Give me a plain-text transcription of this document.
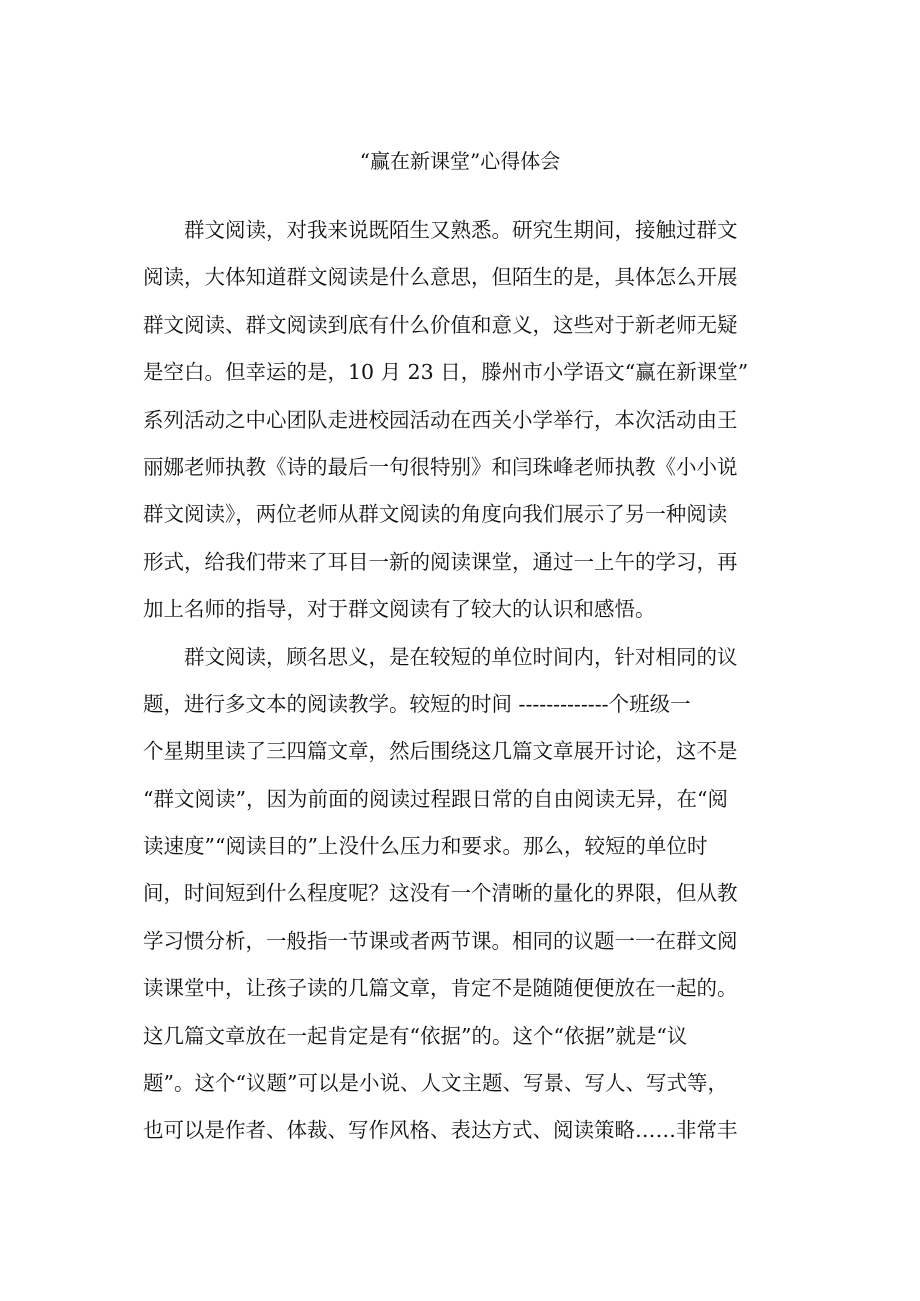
“赢在新课堂”心得体会
群文阅读，对我来说既陌生又熟悉。研究生期间，接触过群文
阅读，大体知道群文阅读是什么意思，但陌生的是，具体怎么开展
群文阅读、群文阅读到底有什么价值和意义，这些对于新老师无疑
是空白。但幸运的是，10 月 23 日，滕州市小学语文“赢在新课堂”
系列活动之中心团队走进校园活动在西关小学举行，本次活动由王
丽娜老师执教《诗的最后一句很特别》和闫珠峰老师执教《小小说
群文阅读》，两位老师从群文阅读的角度向我们展示了另一种阅读
形式，给我们带来了耳目一新的阅读课堂，通过一上午的学习，再
加上名师的指导，对于群文阅读有了较大的认识和感悟。
群文阅读，顾名思义，是在较短的单位时间内，针对相同的议
题，进行多文本的阅读教学。较短的时间 -------------个班级一
个星期里读了三四篇文章，然后围绕这几篇文章展开讨论，这不是
“群文阅读”，因为前面的阅读过程跟日常的自由阅读无异，在“阅
读速度”“阅读目的”上没什么压力和要求。那么，较短的单位时
间，时间短到什么程度呢？这没有一个清晰的量化的界限，但从教
学习惯分析，一般指一节课或者两节课。相同的议题一一在群文阅
读课堂中，让孩子读的几篇文章，肯定不是随随便便放在一起的。
这几篇文章放在一起肯定是有“依据”的。这个“依据”就是“议
题”。这个“议题”可以是小说、人文主题、写景、写人、写式等，
也可以是作者、体裁、写作风格、表达方式、阅读策略……非常丰
